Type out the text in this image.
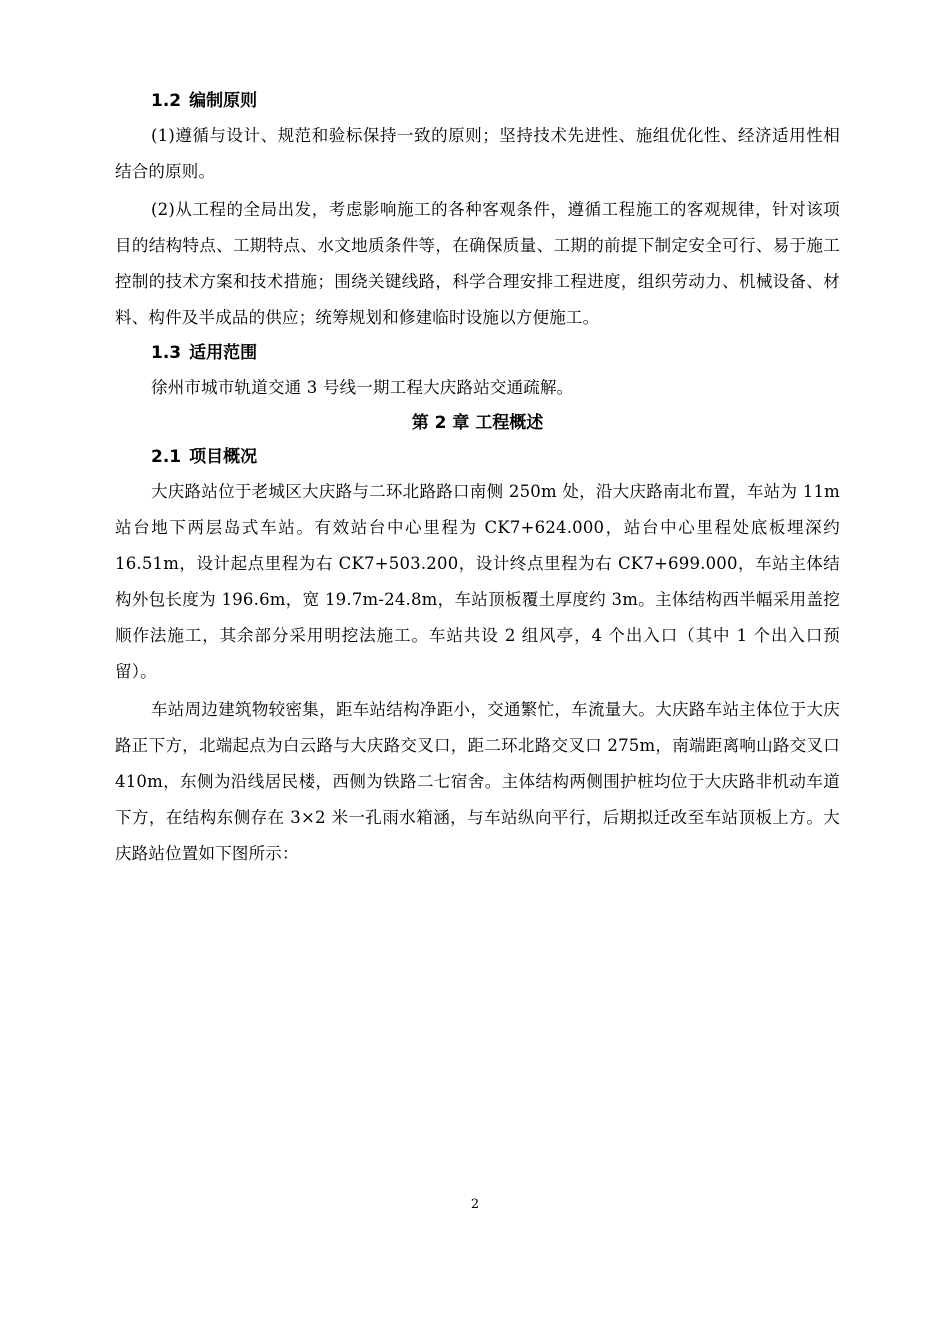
1.2 编制原则

(1)遵循与设计、规范和验标保持一致的原则；坚持技术先进性、施组优化性、经济适用性相结合的原则。

(2)从工程的全局出发，考虑影响施工的各种客观条件，遵循工程施工的客观规律，针对该项目的结构特点、工期特点、水文地质条件等，在确保质量、工期的前提下制定安全可行、易于施工控制的技术方案和技术措施；围绕关键线路，科学合理安排工程进度，组织劳动力、机械设备、材料、构件及半成品的供应；统筹规划和修建临时设施以方便施工。

1.3 适用范围

徐州市城市轨道交通 3 号线一期工程大庆路站交通疏解。

第 2 章 工程概述
2.1 项目概况

大庆路站位于老城区大庆路与二环北路路口南侧 250m 处，沿大庆路南北布置，车站为 11m 站台地下两层岛式车站。有效站台中心里程为 CK7+624.000，站台中心里程处底板埋深约 16.51m，设计起点里程为右 CK7+503.200，设计终点里程为右 CK7+699.000，车站主体结构外包长度为 196.6m，宽 19.7m-24.8m，车站顶板覆土厚度约 3m。主体结构西半幅采用盖挖顺作法施工，其余部分采用明挖法施工。车站共设 2 组风亭，4 个出入口（其中 1 个出入口预留）。

车站周边建筑物较密集，距车站结构净距小，交通繁忙，车流量大。大庆路车站主体位于大庆路正下方，北端起点为白云路与大庆路交叉口，距二环北路交叉口 275m，南端距离响山路交叉口 410m，东侧为沿线居民楼，西侧为铁路二七宿舍。主体结构两侧围护桩均位于大庆路非机动车道下方，在结构东侧存在 3×2 米一孔雨水箱涵，与车站纵向平行，后期拟迁改至车站顶板上方。大庆路站位置如下图所示：

2
